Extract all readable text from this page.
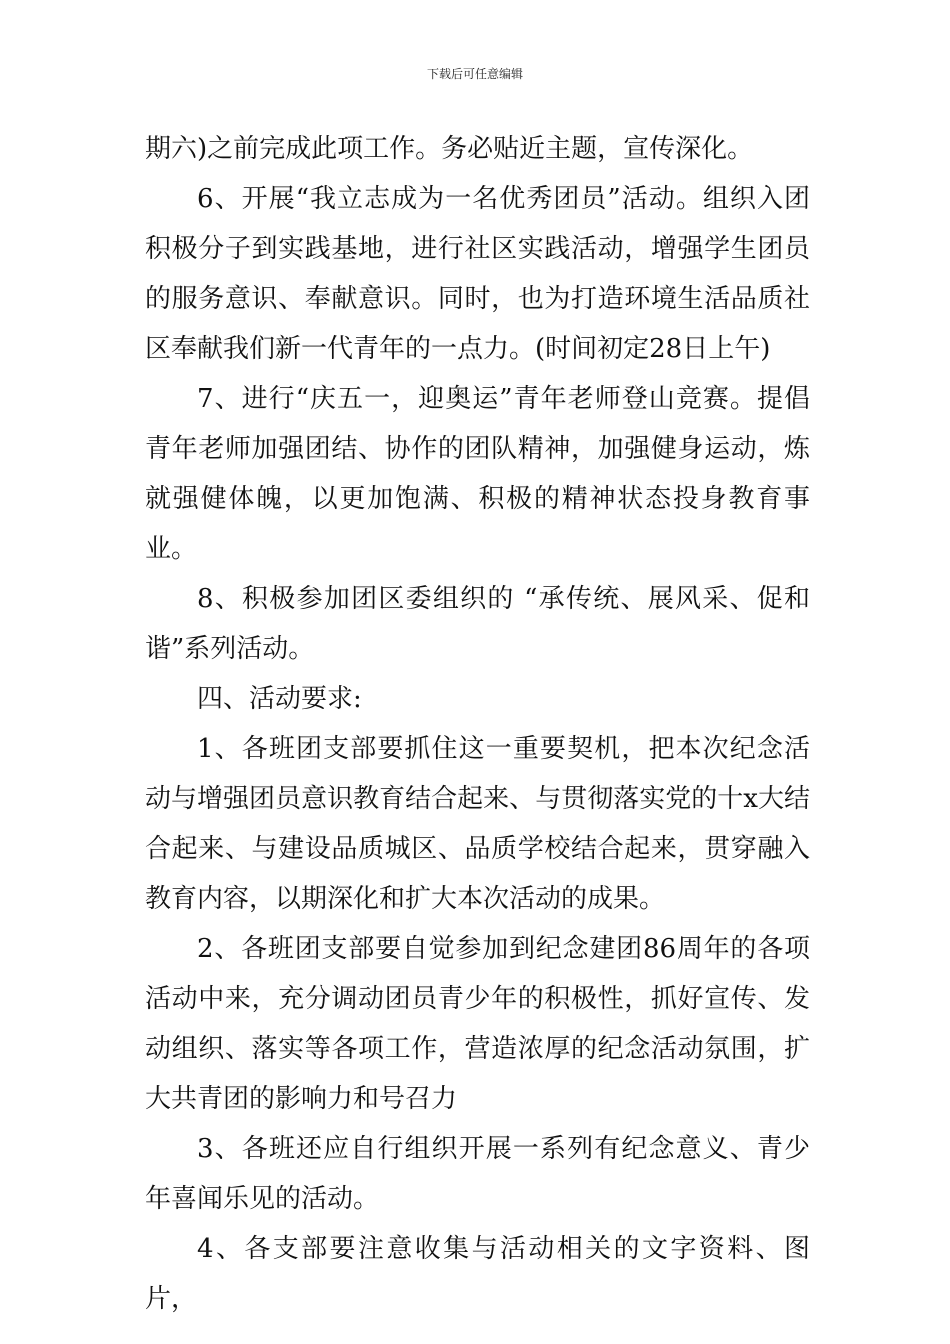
下载后可任意编辑

期六)之前完成此项工作。务必贴近主题，宣传深化。

6、开展“我立志成为一名优秀团员”活动。组织入团积极分子到实践基地，进行社区实践活动，增强学生团员的服务意识、奉献意识。同时，也为打造环境生活品质社区奉献我们新一代青年的一点力。(时间初定28日上午)

7、进行“庆五一，迎奥运”青年老师登山竞赛。提倡青年老师加强团结、协作的团队精神，加强健身运动，炼就强健体魄，以更加饱满、积极的精神状态投身教育事业。

8、积极参加团区委组织的 “承传统、展风采、促和谐”系列活动。

四、活动要求:

1、各班团支部要抓住这一重要契机，把本次纪念活动与增强团员意识教育结合起来、与贯彻落实党的十x大结合起来、与建设品质城区、品质学校结合起来，贯穿融入教育内容，以期深化和扩大本次活动的成果。

2、各班团支部要自觉参加到纪念建团86周年的各项活动中来，充分调动团员青少年的积极性，抓好宣传、发动组织、落实等各项工作，营造浓厚的纪念活动氛围，扩大共青团的影响力和号召力

3、各班还应自行组织开展一系列有纪念意义、青少年喜闻乐见的活动。

4、各支部要注意收集与活动相关的文字资料、图片，
